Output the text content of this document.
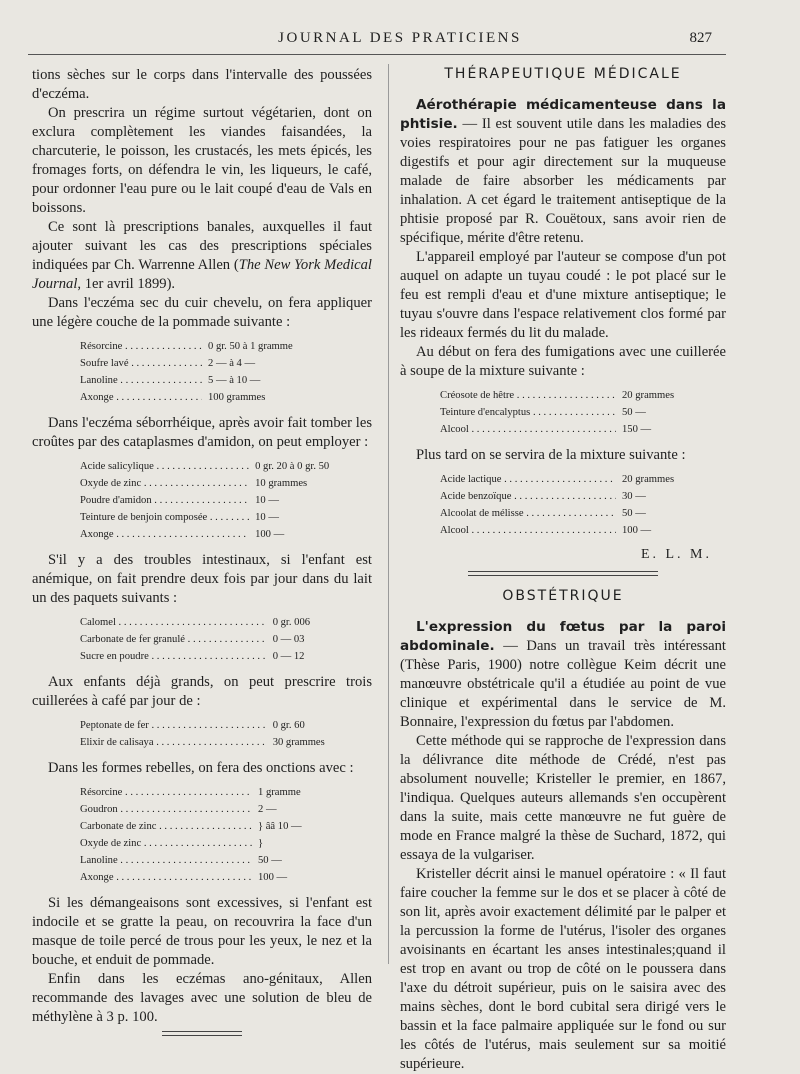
JOURNAL DES PRATICIENS	827

tions sèches sur le corps dans l'intervalle des poussées d'eczéma.

On prescrira un régime surtout végétarien, dont on exclura complètement les viandes faisandées, la charcuterie, le poisson, les crustacés, les mets épicés, les fromages forts, on défendra le vin, les liqueurs, le café, pour ordonner l'eau pure ou le lait coupé d'eau de Vals en boissons.

Ce sont là prescriptions banales, auxquelles il faut ajouter suivant les cas des prescriptions spéciales indiquées par Ch. Warrenne Allen (The New York Medical Journal, 1er avril 1899).

Dans l'eczéma sec du cuir chevelu, on fera appliquer une légère couche de la pommade suivante :

Résorcine . . .	0 gr. 50 à 1 gramme
Soufre lavé . . .	2 — à 4 —
Lanoline . . .	5 — à 10 —
Axonge . . .	100 grammes

Dans l'eczéma séborrhéique, après avoir fait tomber les croûtes par des cataplasmes d'amidon, on peut employer :

Acide salicylique . . .	0 gr. 20 à 0 gr. 50
Oxyde de zinc . . .	10 grammes
Poudre d'amidon . . .	10 —
Teinture de benjoin composée . . .	10 —
Axonge . . .	100 —

S'il y a des troubles intestinaux, si l'enfant est anémique, on fait prendre deux fois par jour dans du lait un des paquets suivants :

Calomel . . .	0 gr. 006
Carbonate de fer granulé . . .	0 — 03
Sucre en poudre . . .	0 — 12

Aux enfants déjà grands, on peut prescrire trois cuillerées à café par jour de :

Peptonate de fer . . .	0 gr. 60
Elixir de calisaya . . .	30 grammes

Dans les formes rebelles, on fera des onctions avec :

Résorcine . . .	1 gramme
Goudron . . .	2 —
Carbonate de zinc . . .	} ââ 10 —
Oxyde de zinc . . .	}
Lanoline . . .	50 —
Axonge . . .	100 —

Si les démangeaisons sont excessives, si l'enfant est indocile et se gratte la peau, on recouvrira la face d'un masque de toile percé de trous pour les yeux, le nez et la bouche, et enduit de pommade.

Enfin dans les eczémas ano-génitaux, Allen recommande des lavages avec une solution de bleu de méthylène à 3 p. 100.

THÉRAPEUTIQUE MÉDICALE

Aérothérapie médicamenteuse dans la phtisie. — Il est souvent utile dans les maladies des voies respiratoires pour ne pas fatiguer les organes digestifs et pour agir directement sur la muqueuse malade de faire absorber les médicaments par inhalation. A cet égard le traitement antiseptique de la phtisie proposé par R. Couëtoux, sans avoir rien de spécifique, mérite d'être retenu.

L'appareil employé par l'auteur se compose d'un pot auquel on adapte un tuyau coudé : le pot placé sur le feu est rempli d'eau et d'une mixture antiseptique; le tuyau s'ouvre dans l'espace relativement clos formé par les rideaux fermés du lit du malade.

Au début on fera des fumigations avec une cuillerée à soupe de la mixture suivante :

Créosote de hêtre . . .	20 grammes
Teinture d'encalyptus . . .	50 —
Alcool . . .	150 —

Plus tard on se servira de la mixture suivante :

Acide lactique . . .	20 grammes
Acide benzoïque . . .	30 —
Alcoolat de mélisse . . .	50 —
Alcool . . .	100 —
E. L. M.
OBSTÉTRIQUE

L'expression du fœtus par la paroi abdominale. — Dans un travail très intéressant (Thèse Paris, 1900) notre collègue Keim décrit une manœuvre obstétricale qu'il a étudiée au point de vue clinique et expérimental dans le service de M. Bonnaire, l'expression du fœtus par l'abdomen.

Cette méthode qui se rapproche de l'expression dans la délivrance dite méthode de Crédé, n'est pas absolument nouvelle; Kristeller le premier, en 1867, l'indiqua. Quelques auteurs allemands s'en occupèrent dans la suite, mais cette manœuvre ne fut guère de mode en France malgré la thèse de Suchard, 1872, qui essaya de la vulgariser.

Kristeller décrit ainsi le manuel opératoire : « Il faut faire coucher la femme sur le dos et se placer à côté de son lit, après avoir exactement délimité par le palper et la percussion la forme de l'utérus, l'isoler des organes avoisinants en écartant les anses intestinales;quand il est trop en avant ou trop de côté on le poussera dans l'axe du détroit supérieur, puis on le saisira avec des mains sèches, dont le bord cubital sera dirigé vers le bassin et la face palmaire appliquée sur le fond ou sur les côtés de l'utérus, mais seulement sur sa moitié supérieure.
